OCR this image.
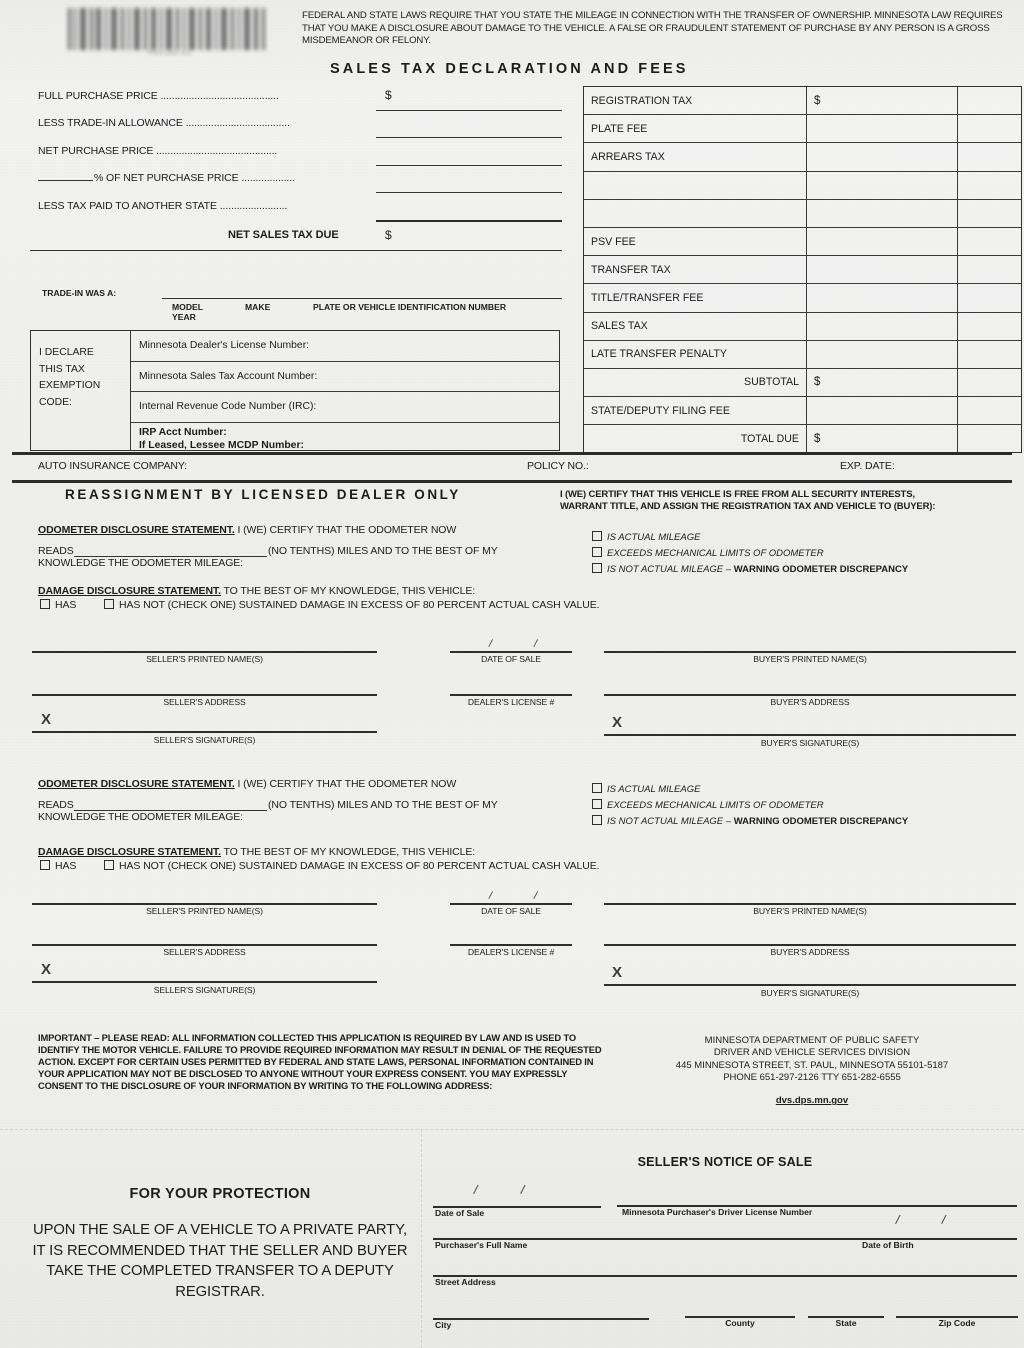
P02150-01
FEDERAL AND STATE LAWS REQUIRE THAT YOU STATE THE MILEAGE IN CONNECTION WITH THE TRANSFER OF OWNERSHIP. MINNESOTA LAW REQUIRES THAT YOU MAKE A DISCLOSURE ABOUT DAMAGE TO THE VEHICLE. A FALSE OR FRAUDULENT STATEMENT OF PURCHASE BY ANY PERSON IS A GROSS MISDEMEANOR OR FELONY.
SALES TAX DECLARATION AND FEES
FULL PURCHASE PRICE ..........................................	$
LESS TRADE-IN ALLOWANCE .....................................
NET PURCHASE PRICE ...........................................
% OF NET PURCHASE PRICE ...................
LESS TAX PAID TO ANOTHER STATE ........................
NET SALES TAX DUE	$
TRADE-IN WAS A:
MODEL
YEAR
MAKE	PLATE OR VEHICLE IDENTIFICATION NUMBER
I DECLARE
THIS TAX
EXEMPTION
CODE:
Minnesota Dealer's License Number:
Minnesota Sales Tax Account Number:
Internal Revenue Code Number (IRC):
IRP Acct Number:
If Leased, Lessee MCDP Number:
REGISTRATION TAX	$
PLATE FEE
ARREARS TAX
PSV FEE
TRANSFER TAX
TITLE/TRANSFER FEE
SALES TAX
LATE TRANSFER PENALTY
SUBTOTAL	$
STATE/DEPUTY FILING FEE
TOTAL DUE	$
AUTO INSURANCE COMPANY:	POLICY NO.:	EXP. DATE:
REASSIGNMENT BY LICENSED DEALER ONLY	I (WE) CERTIFY THAT THIS VEHICLE IS FREE FROM ALL SECURITY INTERESTS,
WARRANT TITLE, AND ASSIGN THE REGISTRATION TAX AND VEHICLE TO (BUYER):
ODOMETER DISCLOSURE STATEMENT. I (WE) CERTIFY THAT THE ODOMETER NOW
READS	(NO TENTHS) MILES AND TO THE BEST OF MY
KNOWLEDGE THE ODOMETER MILEAGE:
IS ACTUAL MILEAGE
EXCEEDS MECHANICAL LIMITS OF ODOMETER
IS NOT ACTUAL MILEAGE – WARNING ODOMETER DISCREPANCY
DAMAGE DISCLOSURE STATEMENT. TO THE BEST OF MY KNOWLEDGE, THIS VEHICLE:
HAS	HAS NOT (CHECK ONE) SUSTAINED DAMAGE IN EXCESS OF 80 PERCENT ACTUAL CASH VALUE.
SELLER'S PRINTED NAME(S)
/	/
DATE OF SALE	BUYER'S PRINTED NAME(S)
SELLER'S ADDRESS	DEALER'S LICENSE #	BUYER'S ADDRESS
X
SELLER'S SIGNATURE(S)
X
BUYER'S SIGNATURE(S)
ODOMETER DISCLOSURE STATEMENT. I (WE) CERTIFY THAT THE ODOMETER NOW
READS	(NO TENTHS) MILES AND TO THE BEST OF MY
KNOWLEDGE THE ODOMETER MILEAGE:
IS ACTUAL MILEAGE
EXCEEDS MECHANICAL LIMITS OF ODOMETER
IS NOT ACTUAL MILEAGE – WARNING ODOMETER DISCREPANCY
DAMAGE DISCLOSURE STATEMENT. TO THE BEST OF MY KNOWLEDGE, THIS VEHICLE:
HAS	HAS NOT (CHECK ONE) SUSTAINED DAMAGE IN EXCESS OF 80 PERCENT ACTUAL CASH VALUE.
SELLER'S PRINTED NAME(S)
/	/
DATE OF SALE	BUYER'S PRINTED NAME(S)
SELLER'S ADDRESS	DEALER'S LICENSE #	BUYER'S ADDRESS
X
SELLER'S SIGNATURE(S)
X
BUYER'S SIGNATURE(S)
IMPORTANT – PLEASE READ: ALL INFORMATION COLLECTED THIS APPLICATION IS REQUIRED BY LAW AND IS USED TO IDENTIFY THE MOTOR VEHICLE. FAILURE TO PROVIDE REQUIRED INFORMATION MAY RESULT IN DENIAL OF THE REQUESTED ACTION. EXCEPT FOR CERTAIN USES PERMITTED BY FEDERAL AND STATE LAWS, PERSONAL INFORMATION CONTAINED IN YOUR APPLICATION MAY NOT BE DISCLOSED TO ANYONE WITHOUT YOUR EXPRESS CONSENT. YOU MAY EXPRESSLY CONSENT TO THE DISCLOSURE OF YOUR INFORMATION BY WRITING TO THE FOLLOWING ADDRESS:
MINNESOTA DEPARTMENT OF PUBLIC SAFETY
DRIVER AND VEHICLE SERVICES DIVISION
445 MINNESOTA STREET, ST. PAUL, MINNESOTA 55101-5187
PHONE 651-297-2126 TTY 651-282-6555
dvs.dps.mn.gov
FOR YOUR PROTECTION
UPON THE SALE OF A VEHICLE TO A PRIVATE PARTY, IT IS RECOMMENDED THAT THE SELLER AND BUYER TAKE THE COMPLETED TRANSFER TO A DEPUTY REGISTRAR.
SELLER'S NOTICE OF SALE
/	/
Date of Sale	Minnesota Purchaser's Driver License Number	/	/
Purchaser's Full Name	Date of Birth
Street Address
City	County	State	Zip Code
